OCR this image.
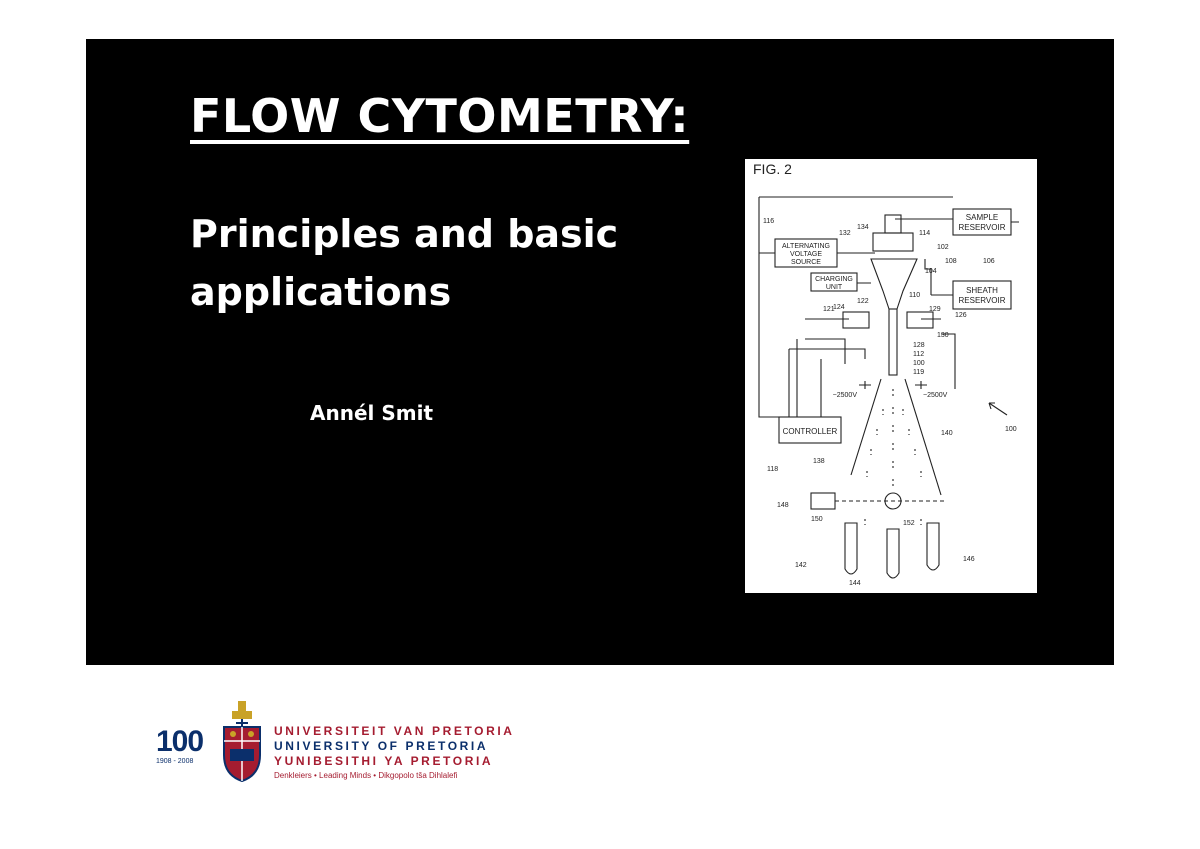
FLOW CYTOMETRY:
Principles and basic applications
Annél Smit
FIG. 2
SAMPLE
RESERVOIR
SHEATH
RESERVOIR
ALTERNATING
VOLTAGE
SOURCE
CHARGING
UNIT
CONTROLLER
−2500V	−2500V
116
132
134
114
102
108	106
104
122
124
110
129
126
121
130
128
112
100
119
100
140
118
138
148
150
152
142
144
146
100
1908 - 2008
UNIVERSITEIT VAN PRETORIA
UNIVERSITY OF PRETORIA
YUNIBESITHI YA PRETORIA
Denkleiers • Leading Minds • Dikgopolo tša Dihlalefi
